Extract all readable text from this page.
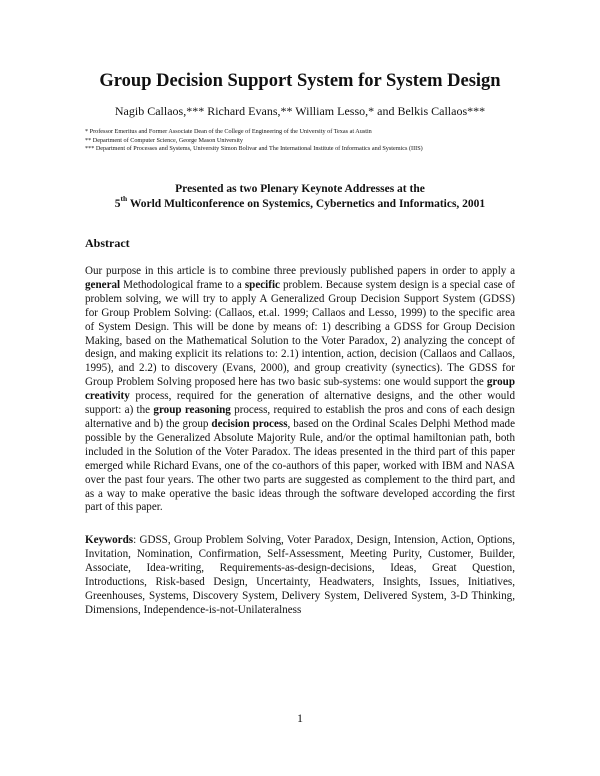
Group Decision Support System for System Design
Nagib Callaos,*** Richard Evans,** William Lesso,* and Belkis Callaos***
* Professor Emeritus and Former Associate Dean of the College of Engineering of the University of Texas at Austin
** Department of Computer Science, George Mason University
*** Department of Processes and Systems, University Simon Bolivar and The International Institute of Informatics and Systemics (IIIS)
Presented as two Plenary Keynote Addresses at the
5th World Multiconference on Systemics, Cybernetics and Informatics, 2001
Abstract

Our purpose in this article is to combine three previously published papers in order to apply a general Methodological frame to a specific problem. Because system design is a special case of problem solving, we will try to apply A Generalized Group Decision Support System (GDSS) for Group Problem Solving: (Callaos, et.al. 1999; Callaos and Lesso, 1999) to the specific area of System Design. This will be done by means of: 1) describing a GDSS for Group Decision Making, based on the Mathematical Solution to the Voter Paradox, 2) analyzing the concept of design, and making explicit its relations to: 2.1) intention, action, decision (Callaos and Callaos, 1995), and 2.2) to discovery (Evans, 2000), and group creativity (synectics). The GDSS for Group Problem Solving proposed here has two basic sub-systems: one would support the group creativity process, required for the generation of alternative designs, and the other would support: a) the group reasoning process, required to establish the pros and cons of each design alternative and b) the group decision process, based on the Ordinal Scales Delphi Method made possible by the Generalized Absolute Majority Rule, and/or the optimal hamiltonian path, both included in the Solution of the Voter Paradox. The ideas presented in the third part of this paper emerged while Richard Evans, one of the co-authors of this paper, worked with IBM and NASA over the past four years. The other two parts are suggested as complement to the third part, and as a way to make operative the basic ideas through the software developed according the first part of this paper.

Keywords: GDSS, Group Problem Solving, Voter Paradox, Design, Intension, Action, Options, Invitation, Nomination, Confirmation, Self-Assessment, Meeting Purity, Customer, Builder, Associate, Idea-writing, Requirements-as-design-decisions, Ideas, Great Question, Introductions, Risk-based Design, Uncertainty, Headwaters, Insights, Issues, Initiatives, Greenhouses, Systems, Discovery System, Delivery System, Delivered System, 3-D Thinking, Dimensions, Independence-is-not-Unilateralness

1
